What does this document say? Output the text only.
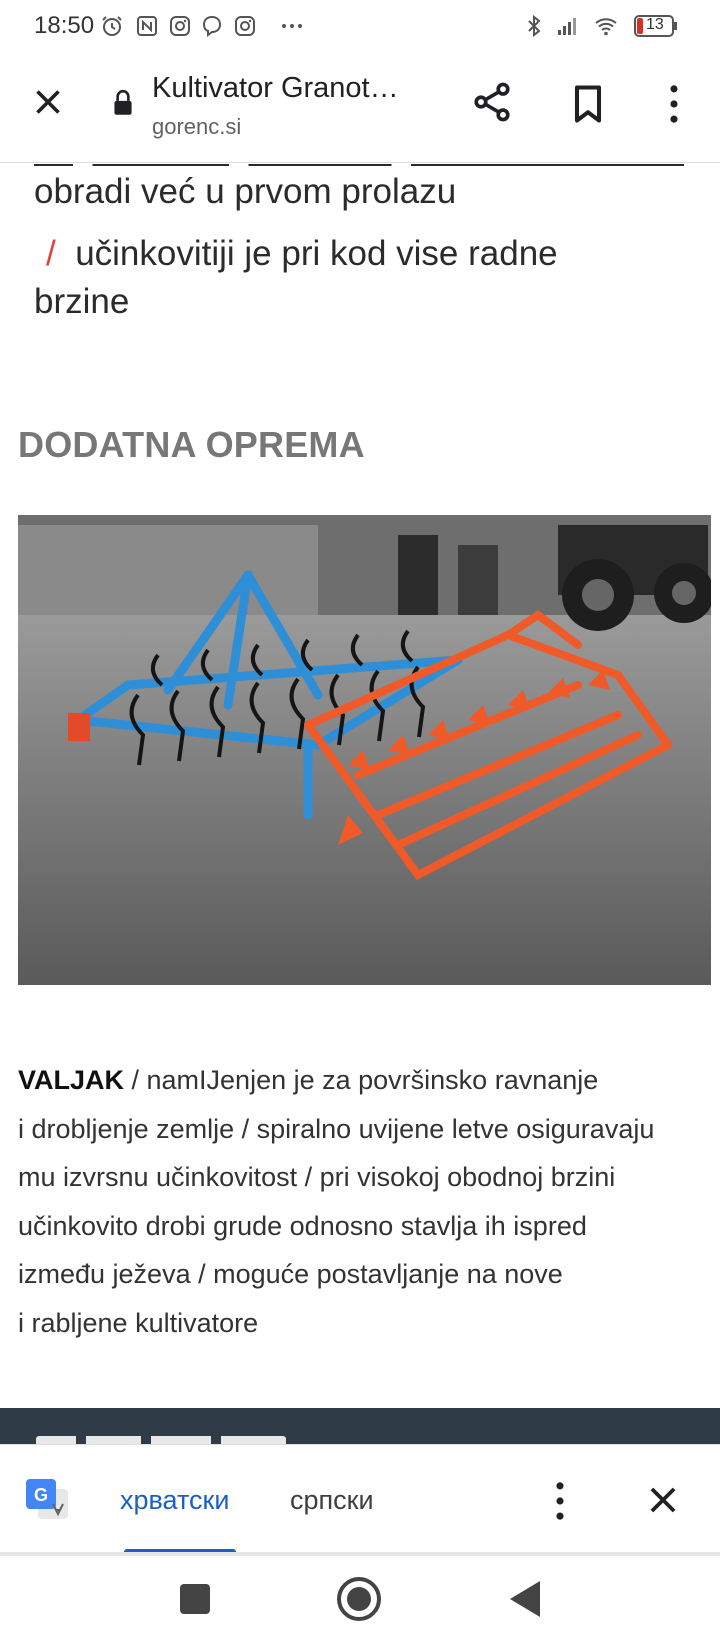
18:50	13
Kultivator Granot…
gorenc.si
obradi već u prvom prolazu
/ učinkovitiji je pri kod vise radne
brzine
DODATNA OPREMA
VALJAK / namIJenjen je za površinsko ravnanje
i drobljenje zemlje / spiralno uvijene letve osiguravaju
mu izvrsnu učinkovitost / pri visokoj obodnoj brzini
učinkovito drobi grude odnosno stavlja ih ispred
između ježeva / moguće postavljanje na nove
i rabljene kultivatore
G	хрватски српски
